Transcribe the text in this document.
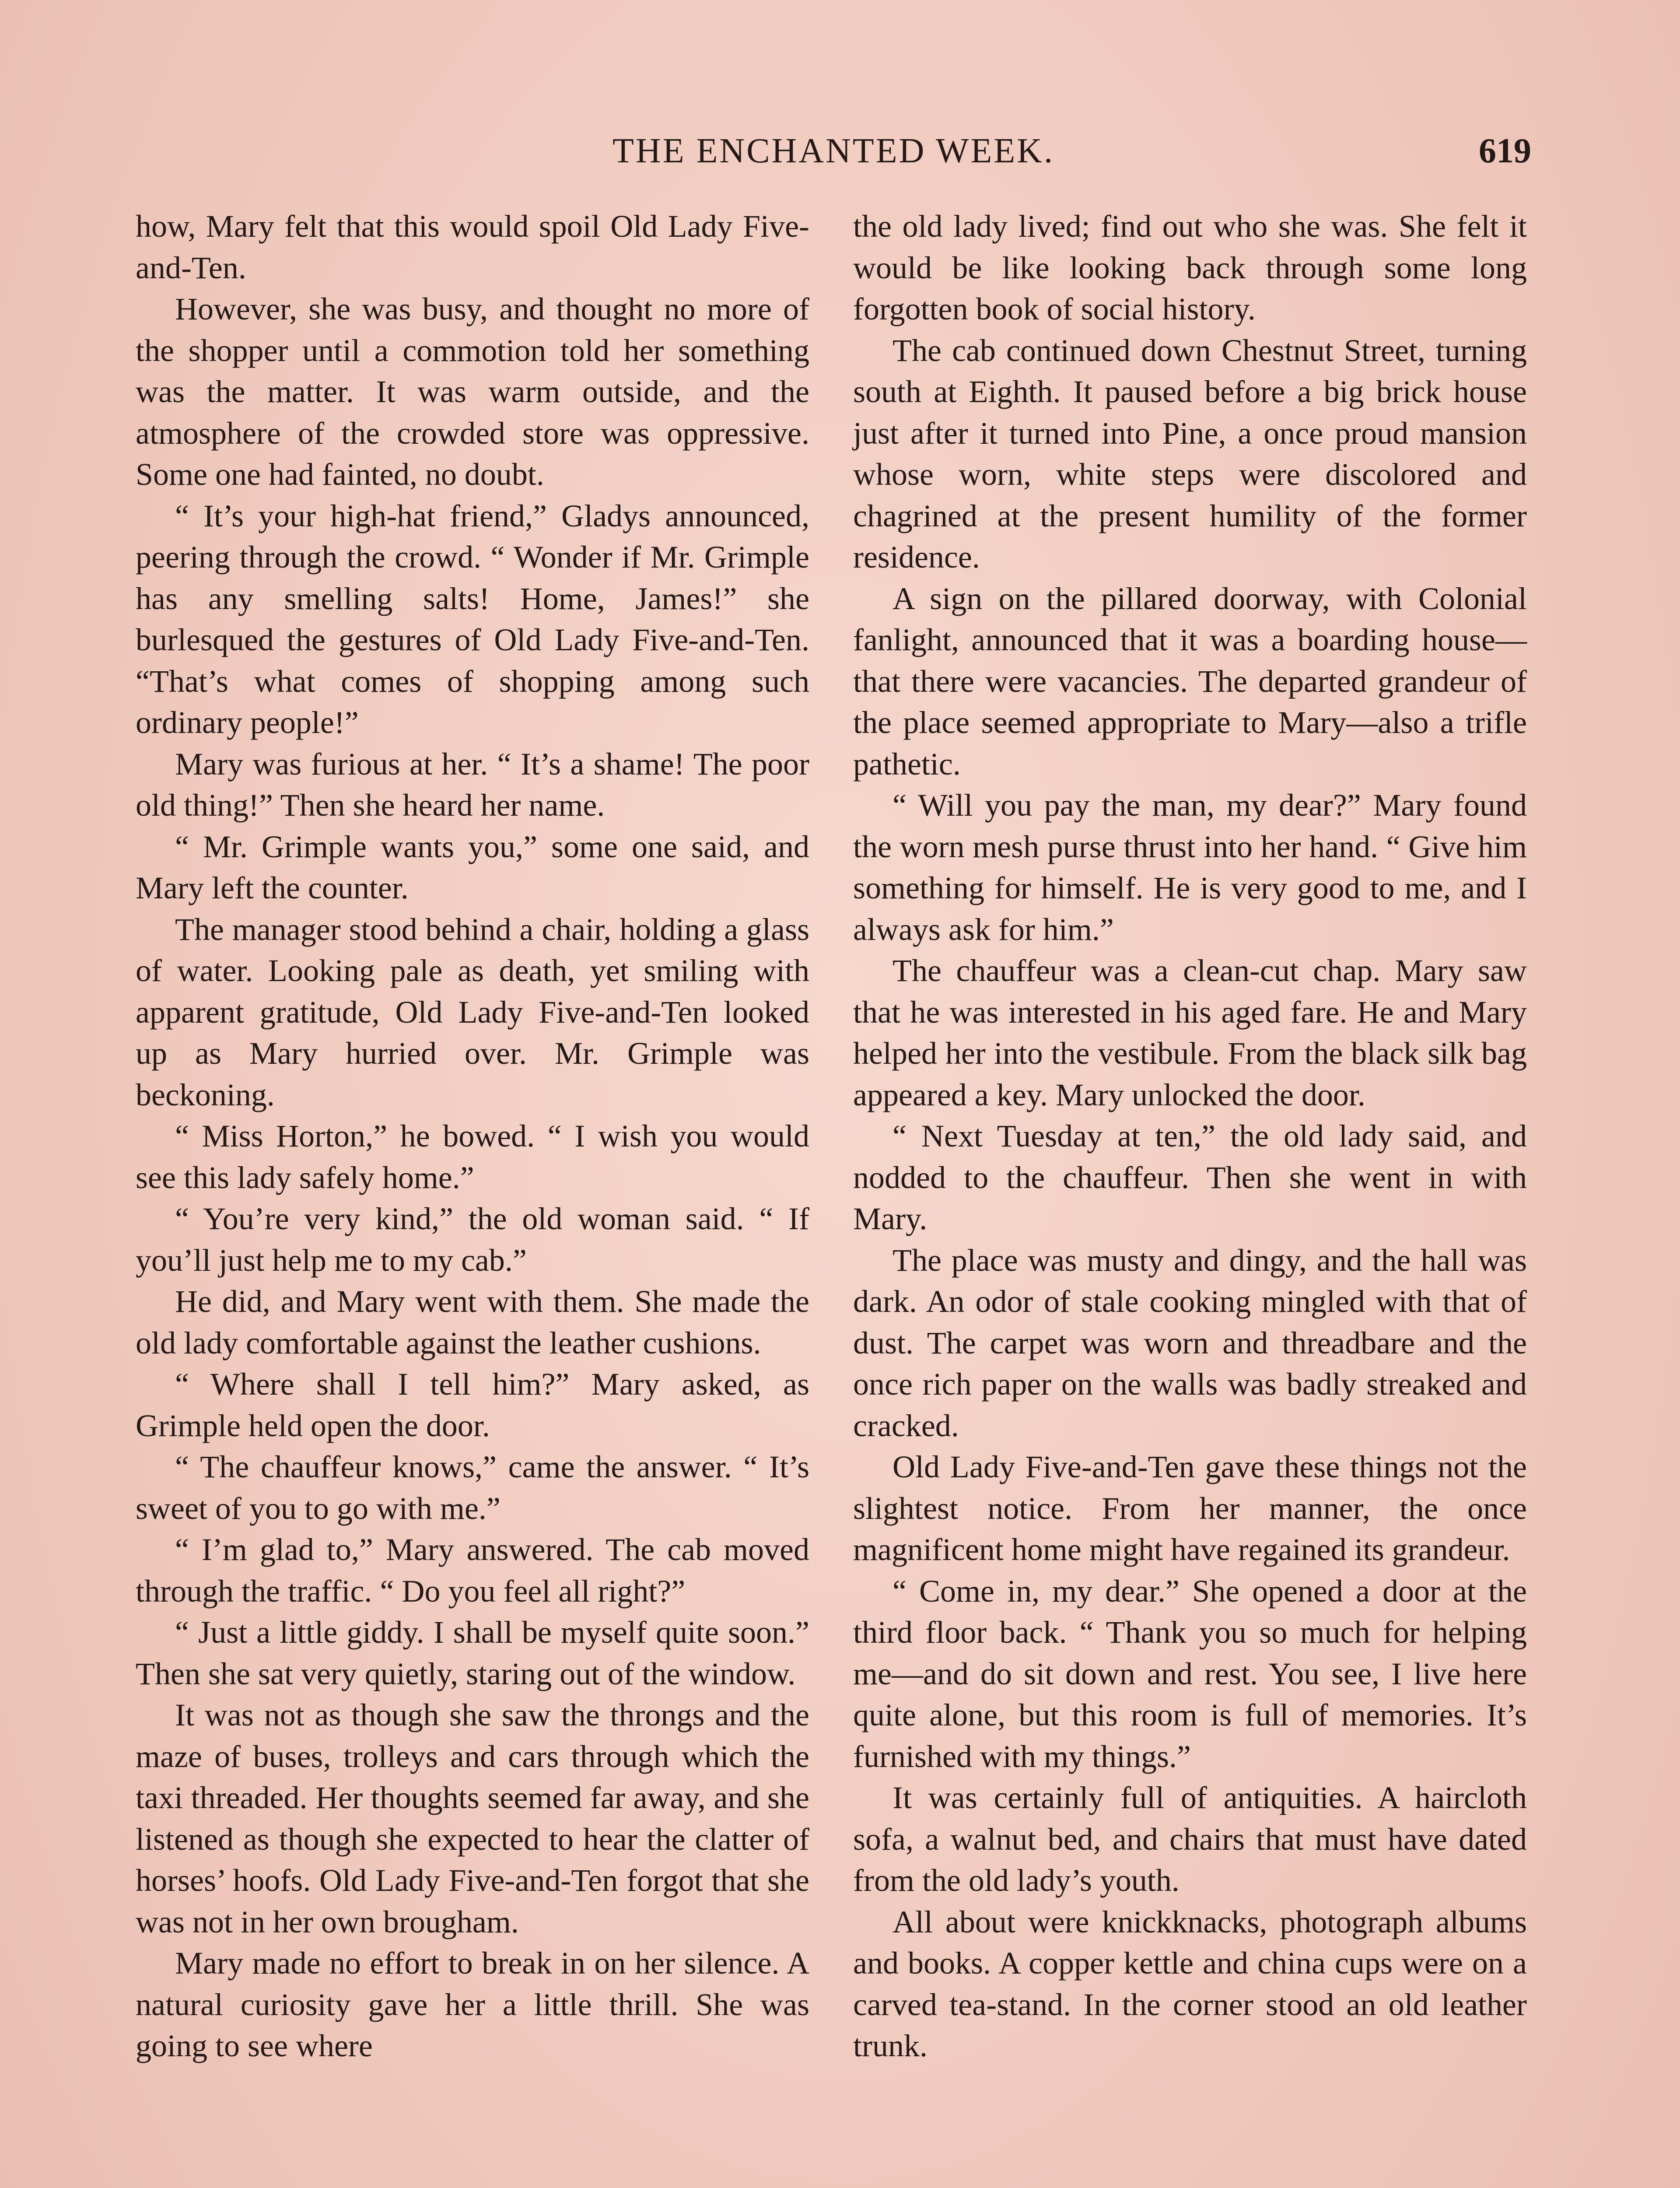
THE ENCHANTED WEEK.	619

how, Mary felt that this would spoil Old Lady Five-and-Ten.

However, she was busy, and thought no more of the shopper until a commotion told her something was the matter. It was warm outside, and the atmosphere of the crowded store was oppressive. Some one had fainted, no doubt.

“ It’s your high-hat friend,” Gladys announced, peering through the crowd. “ Wonder if Mr. Grimple has any smelling salts! Home, James!” she burlesqued the gestures of Old Lady Five-and-Ten. “That’s what comes of shopping among such ordinary people!”

Mary was furious at her. “ It’s a shame! The poor old thing!” Then she heard her name.

“ Mr. Grimple wants you,” some one said, and Mary left the counter.

The manager stood behind a chair, holding a glass of water. Looking pale as death, yet smiling with apparent gratitude, Old Lady Five-and-Ten looked up as Mary hurried over. Mr. Grimple was beckoning.

“ Miss Horton,” he bowed. “ I wish you would see this lady safely home.”

“ You’re very kind,” the old woman said. “ If you’ll just help me to my cab.”

He did, and Mary went with them. She made the old lady comfortable against the leather cushions.

“ Where shall I tell him?” Mary asked, as Grimple held open the door.

“ The chauffeur knows,” came the answer. “ It’s sweet of you to go with me.”

“ I’m glad to,” Mary answered. The cab moved through the traffic. “ Do you feel all right?”

“ Just a little giddy. I shall be myself quite soon.” Then she sat very quietly, staring out of the window.

It was not as though she saw the throngs and the maze of buses, trolleys and cars through which the taxi threaded. Her thoughts seemed far away, and she listened as though she expected to hear the clatter of horses’ hoofs. Old Lady Five-and-Ten forgot that she was not in her own brougham.

Mary made no effort to break in on her silence. A natural curiosity gave her a little thrill. She was going to see where

the old lady lived; find out who she was. She felt it would be like looking back through some long forgotten book of social history.

The cab continued down Chestnut Street, turning south at Eighth. It paused before a big brick house just after it turned into Pine, a once proud mansion whose worn, white steps were discolored and chagrined at the present humility of the former residence.

A sign on the pillared doorway, with Colonial fanlight, announced that it was a boarding house—that there were vacancies. The departed grandeur of the place seemed appropriate to Mary—also a trifle pathetic.

“ Will you pay the man, my dear?” Mary found the worn mesh purse thrust into her hand. “ Give him something for himself. He is very good to me, and I always ask for him.”

The chauffeur was a clean-cut chap. Mary saw that he was interested in his aged fare. He and Mary helped her into the vestibule. From the black silk bag appeared a key. Mary unlocked the door.

“ Next Tuesday at ten,” the old lady said, and nodded to the chauffeur. Then she went in with Mary.

The place was musty and dingy, and the hall was dark. An odor of stale cooking mingled with that of dust. The carpet was worn and threadbare and the once rich paper on the walls was badly streaked and cracked.

Old Lady Five-and-Ten gave these things not the slightest notice. From her manner, the once magnificent home might have regained its grandeur.

“ Come in, my dear.” She opened a door at the third floor back. “ Thank you so much for helping me—and do sit down and rest. You see, I live here quite alone, but this room is full of memories. It’s furnished with my things.”

It was certainly full of antiquities. A haircloth sofa, a walnut bed, and chairs that must have dated from the old lady’s youth.

All about were knickknacks, photograph albums and books. A copper kettle and china cups were on a carved tea-stand. In the corner stood an old leather trunk.
